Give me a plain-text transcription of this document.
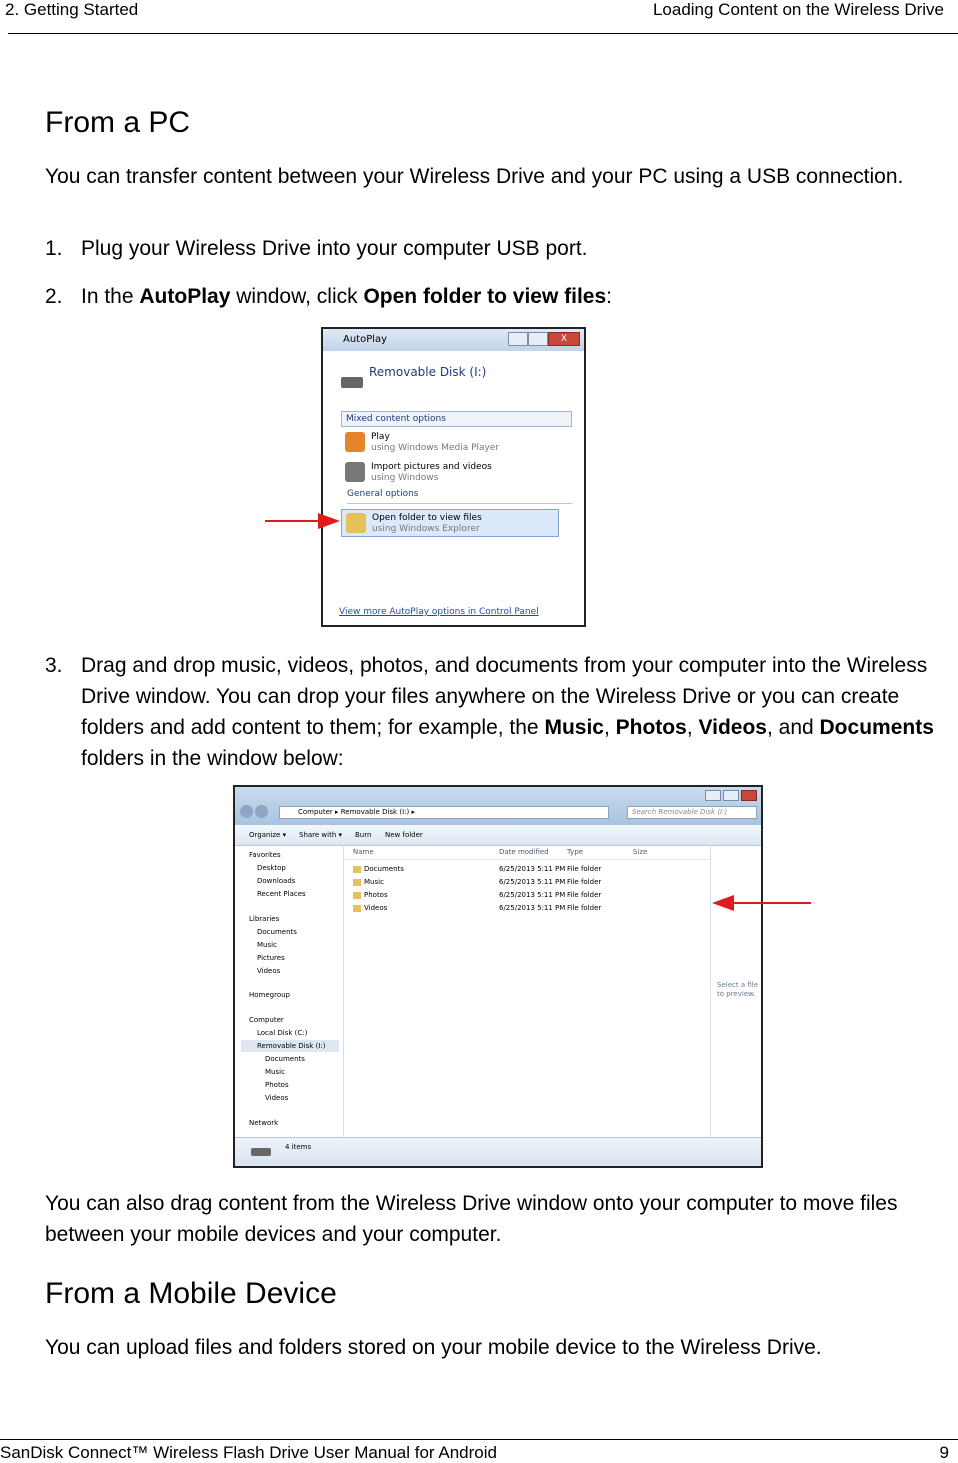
2. Getting Started	Loading Content on the Wireless Drive
From a PC

You can transfer content between your Wireless Drive and your PC using a USB connection.

1. Plug your Wireless Drive into your computer USB port.
2. In the AutoPlay window, click Open folder to view files:
AutoPlay	X
Removable Disk (I:)
Mixed content options
Play
using Windows Media Player
Import pictures and videos
using Windows
General options
Open folder to view files
using Windows Explorer
View more AutoPlay options in Control Panel
3. Drag and drop music, videos, photos, and documents from your computer into the Wireless Drive window. You can drop your files anywhere on the Wireless Drive or you can create folders and add content to them; for example, the Music, Photos, Videos, and Documents folders in the window below:
Computer ▸ Removable Disk (I:) ▸	Search Removable Disk (I:)
Organize ▾ Share with ▾ Burn New folder
Favorites
Desktop
Downloads
Recent Places
Libraries
Documents
Music
Pictures
Videos
Homegroup
Computer
Local Disk (C:)
Removable Disk (I:)
Documents
Music
Photos
Videos
Network
Name	Date modified	Type	Size
Documents	6/25/2013 5:11 PM File folder
Music	6/25/2013 5:11 PM File folder
Photos	6/25/2013 5:11 PM File folder
Videos	6/25/2013 5:11 PM File folder
Select a file
to preview.
4 items

You can also drag content from the Wireless Drive window onto your computer to move files between your mobile devices and your computer.

From a Mobile Device

You can upload files and folders stored on your mobile device to the Wireless Drive.

SanDisk Connect™ Wireless Flash Drive User Manual for Android	9
